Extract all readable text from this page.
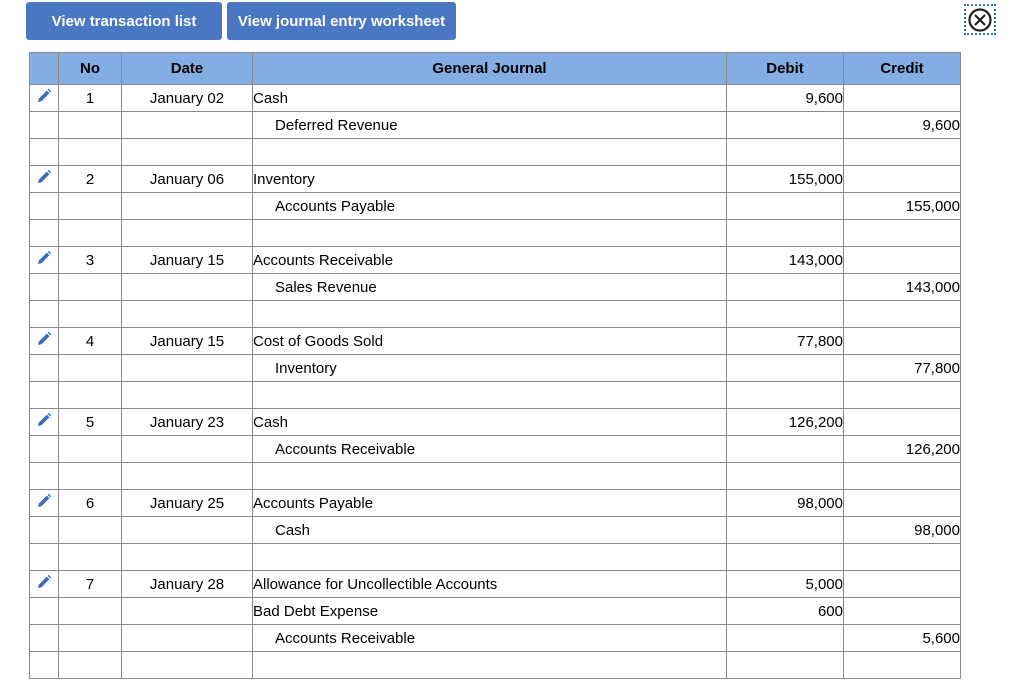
View transaction list	View journal entry worksheet
	No	Date	General Journal	Debit	Credit
	1	January 02	Cash	9,600	
			Deferred Revenue		9,600

	2	January 06	Inventory	155,000	
			Accounts Payable		155,000

	3	January 15	Accounts Receivable	143,000	
			Sales Revenue		143,000

	4	January 15	Cost of Goods Sold	77,800	
			Inventory		77,800

	5	January 23	Cash	126,200	
			Accounts Receivable		126,200

	6	January 25	Accounts Payable	98,000	
			Cash		98,000

	7	January 28	Allowance for Uncollectible Accounts	5,000	
			Bad Debt Expense	600	
			Accounts Receivable		5,600
